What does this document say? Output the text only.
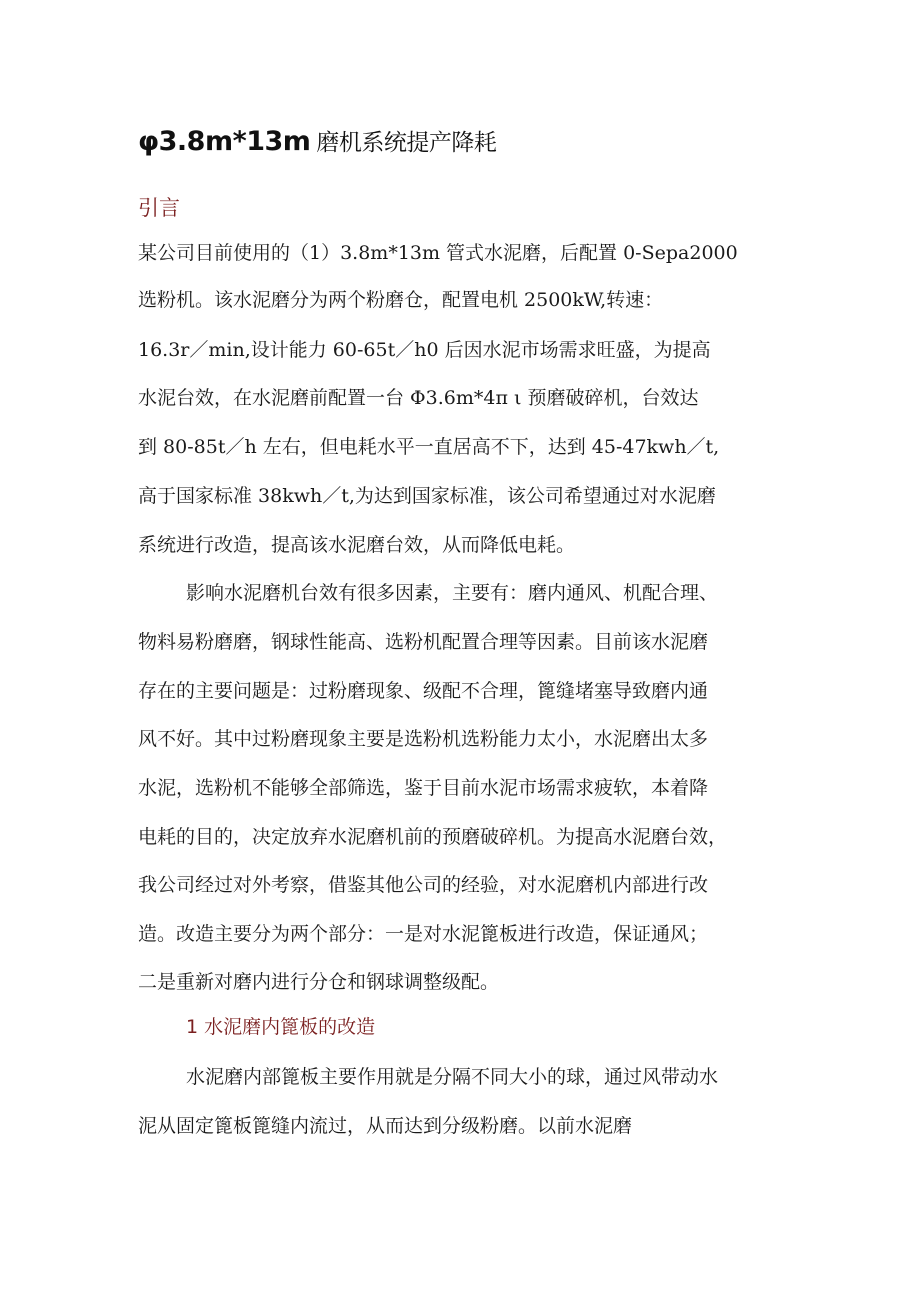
φ3.8m*13m 磨机系统提产降耗
引言
某公司目前使用的（1）3.8m*13m 管式水泥磨，后配置 0-Sepa2000
选粉机。该水泥磨分为两个粉磨仓，配置电机 2500kW,转速：
16.3r／min,设计能力 60-65t／h0 后因水泥市场需求旺盛，为提高
水泥台效，在水泥磨前配置一台 Φ3.6m*4π ι 预磨破碎机，台效达
到 80-85t／h 左右，但电耗水平一直居高不下，达到 45-47kwh／t,
高于国家标准 38kwh／t,为达到国家标准，该公司希望通过对水泥磨
系统进行改造，提高该水泥磨台效，从而降低电耗。
影响水泥磨机台效有很多因素，主要有：磨内通风、机配合理、
物料易粉磨磨，钢球性能高、选粉机配置合理等因素。目前该水泥磨
存在的主要问题是：过粉磨现象、级配不合理，篦缝堵塞导致磨内通
风不好。其中过粉磨现象主要是选粉机选粉能力太小，水泥磨出太多
水泥，选粉机不能够全部筛选，鉴于目前水泥市场需求疲软，本着降
电耗的目的，决定放弃水泥磨机前的预磨破碎机。为提高水泥磨台效，
我公司经过对外考察，借鉴其他公司的经验，对水泥磨机内部进行改
造。改造主要分为两个部分：一是对水泥篦板进行改造，保证通风；
二是重新对磨内进行分仓和钢球调整级配。
1 水泥磨内篦板的改造
水泥磨内部篦板主要作用就是分隔不同大小的球，通过风带动水
泥从固定篦板篦缝内流过，从而达到分级粉磨。以前水泥磨
